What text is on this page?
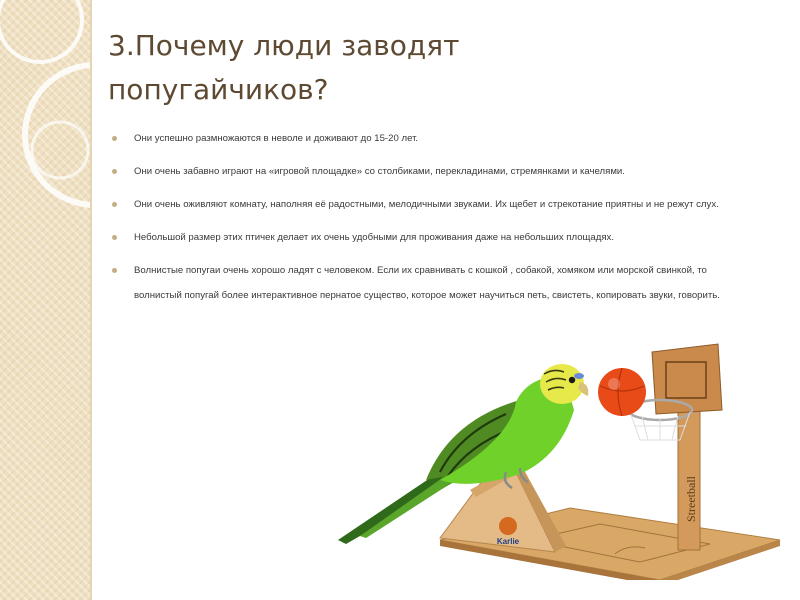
3.Почему люди заводят попугайчиков?
Они успешно размножаются в неволе и доживают до 15-20 лет.
Они очень забавно играют на «игровой площадке» со столбиками, перекладинами, стремянками и качелями.
Они очень оживляют комнату, наполняя её радостными, мелодичными звуками. Их щебет и стрекотание приятны и не режут слух.
Небольшой размер этих птичек делает их очень удобными для проживания даже на небольших площадях.
Волнистые попугаи очень хорошо ладят с человеком. Если их сравнивать с кошкой , собакой, хомяком или морской свинкой, то волнистый попугай более интерактивное пернатое существо, которое может научиться петь, свистеть, копировать звуки, говорить.
Karlie
Streetball
